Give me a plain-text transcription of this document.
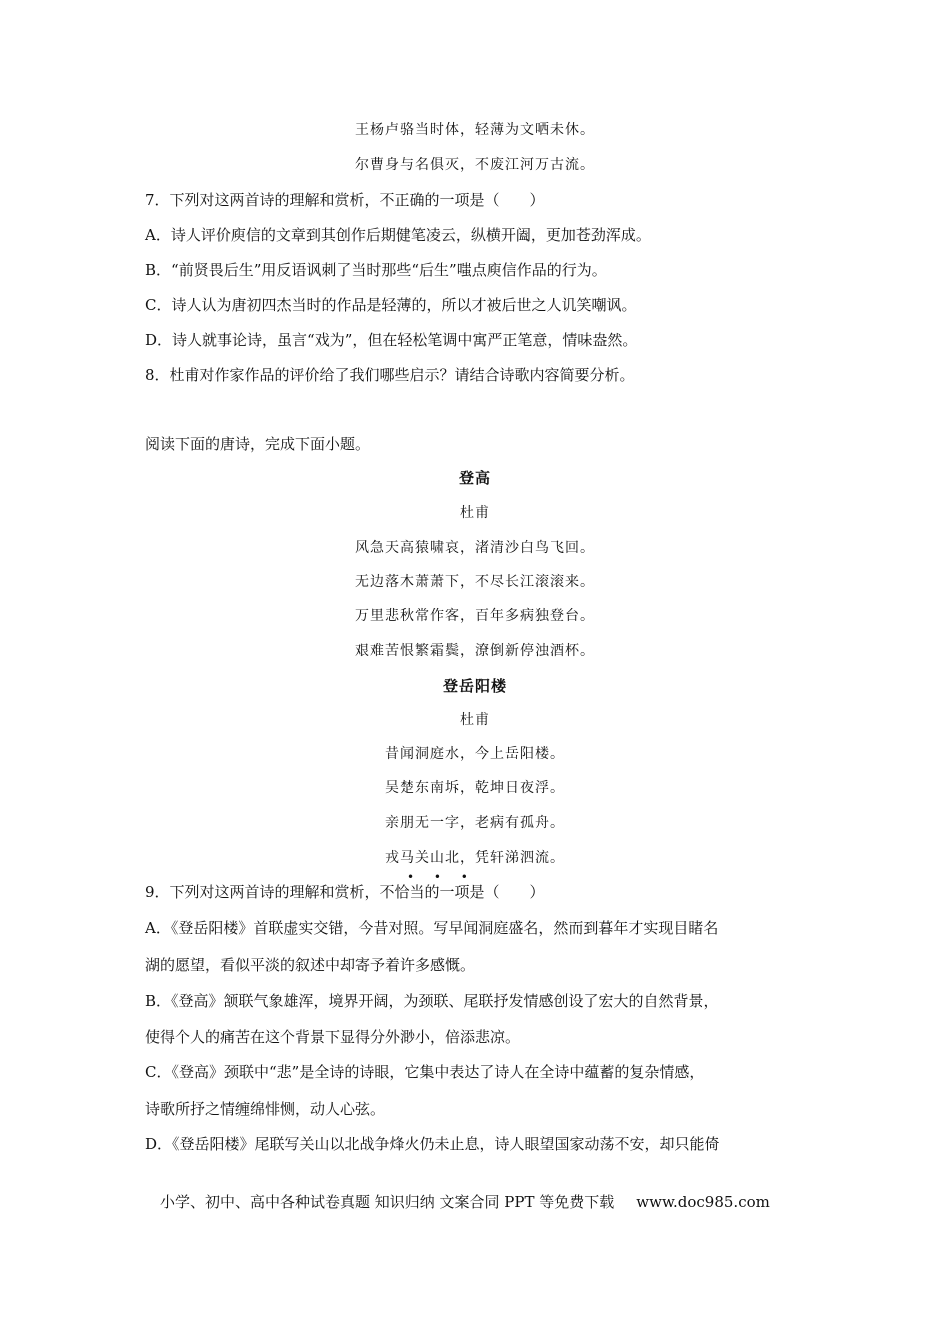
王杨卢骆当时体，轻薄为文哂未休。
尔曹身与名俱灭，不废江河万古流。
7．下列对这两首诗的理解和赏析，不正确的一项是（　　）
A．诗人评价庾信的文章到其创作后期健笔凌云，纵横开阖，更加苍劲浑成。
B．“前贤畏后生”用反语讽刺了当时那些“后生”嗤点庾信作品的行为。
C．诗人认为唐初四杰当时的作品是轻薄的，所以才被后世之人讥笑嘲讽。
D．诗人就事论诗，虽言“戏为”，但在轻松笔调中寓严正笔意，情味盎然。
8．杜甫对作家作品的评价给了我们哪些启示？请结合诗歌内容简要分析。
阅读下面的唐诗，完成下面小题。
登高
杜甫
风急天高猿啸哀，渚清沙白鸟飞回。
无边落木萧萧下，不尽长江滚滚来。
万里悲秋常作客，百年多病独登台。
艰难苦恨繁霜鬓，潦倒新停浊酒杯。
登岳阳楼
杜甫
昔闻洞庭水，今上岳阳楼。
吴楚东南坼，乾坤日夜浮。
亲朋无一字，老病有孤舟。
戎马关山北，凭轩涕泗流。
• • •
9．下列对这两首诗的理解和赏析，不恰当的一项是（　　）
A．《登岳阳楼》首联虚实交错，今昔对照。写早闻洞庭盛名，然而到暮年才实现目睹名
湖的愿望，看似平淡的叙述中却寄予着许多感慨。
B．《登高》颔联气象雄浑，境界开阔，为颈联、尾联抒发情感创设了宏大的自然背景，
使得个人的痛苦在这个背景下显得分外渺小，倍添悲凉。
C．《登高》颈联中“悲”是全诗的诗眼，它集中表达了诗人在全诗中蕴蓄的复杂情感，
诗歌所抒之情缠绵悱恻，动人心弦。
D．《登岳阳楼》尾联写关山以北战争烽火仍未止息，诗人眼望国家动荡不安，却只能倚
小学、初中、高中各种试卷真题 知识归纳 文案合同 PPT 等免费下载 www.doc985.com
